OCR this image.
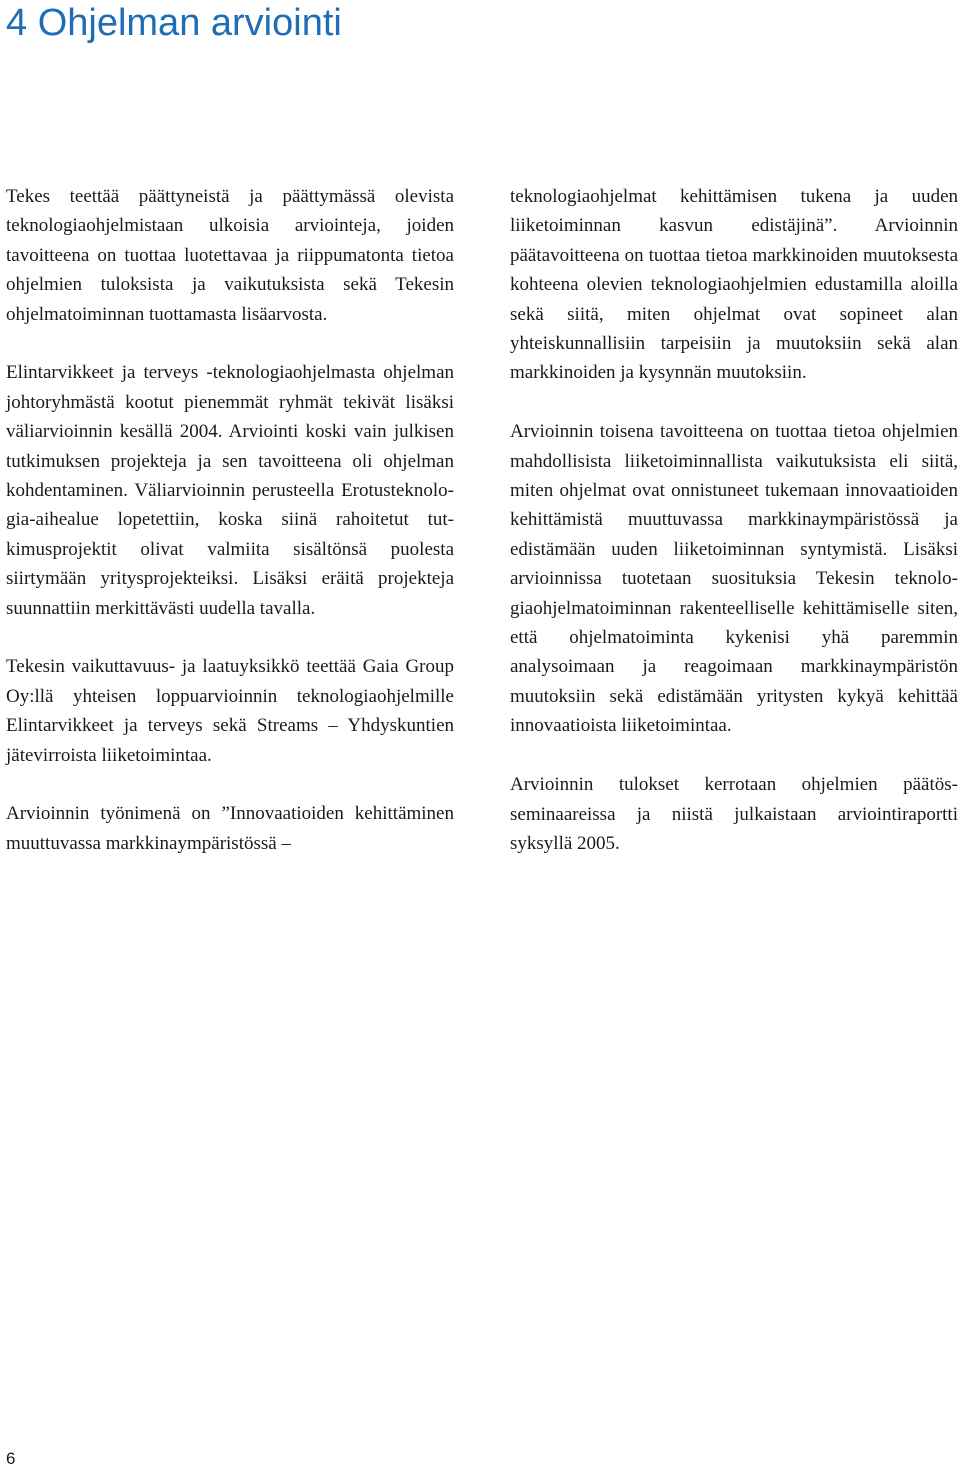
4 Ohjelman arviointi

Tekes teettää päättyneistä ja päättymässä olevista teknologiaohjelmistaan ulkoisia arviointeja, joiden tavoitteena on tuottaa luotettavaa ja riippumatonta tietoa ohjelmien tuloksista ja vaikutuksista sekä Tekesin ohjelmatoiminnan tuottamasta lisäarvosta.

Elintarvikkeet ja terveys -teknologiaohjelmasta ohjelman johtoryhmästä kootut pienemmät ryhmät tekivät lisäksi väliarvioinnin kesällä 2004. Arviointi koski vain julkisen tutkimuksen projekteja ja sen tavoitteena oli ohjelman kohdentaminen. Väliarvioinnin perusteella Erotusteknologia-aihealue lopetettiin, koska siinä rahoitetut tutkimusprojektit olivat valmiita sisältönsä puolesta siirtymään yritysprojekteiksi. Lisäksi eräitä projekteja suunnattiin merkittävästi uudella tavalla.

Tekesin vaikuttavuus- ja laatuyksikkö teettää Gaia Group Oy:llä yhteisen loppuarvioinnin teknologiaohjelmille Elintarvikkeet ja terveys sekä Streams – Yhdyskuntien jätevirroista liiketoimintaa.

Arvioinnin työnimenä on ”Innovaatioiden kehittäminen muuttuvassa markkinaympäristössä –

teknologiaohjelmat kehittämisen tukena ja uuden liiketoiminnan kasvun edistäjinä”. Arvioinnin päätavoitteena on tuottaa tietoa markkinoiden muutoksesta kohteena olevien teknologiaohjelmien edustamilla aloilla sekä siitä, miten ohjelmat ovat sopineet alan yhteiskunnallisiin tarpeisiin ja muutoksiin sekä alan markkinoiden ja kysynnän muutoksiin.

Arvioinnin toisena tavoitteena on tuottaa tietoa ohjelmien mahdollisista liiketoiminnallista vaikutuksista eli siitä, miten ohjelmat ovat onnistuneet tukemaan innovaatioiden kehittämistä muuttuvassa markkinaympäristössä ja edistämään uuden liiketoiminnan syntymistä. Lisäksi arvioinnissa tuotetaan suosituksia Tekesin teknologiaohjelmatoiminnan rakenteelliselle kehittämiselle siten, että ohjelmatoiminta kykenisi yhä paremmin analysoimaan ja reagoimaan markkinaympäristön muutoksiin sekä edistämään yritysten kykyä kehittää innovaatioista liiketoimintaa.

Arvioinnin tulokset kerrotaan ohjelmien päätösseminaareissa ja niistä julkaistaan arviointiraportti syksyllä 2005.

6
